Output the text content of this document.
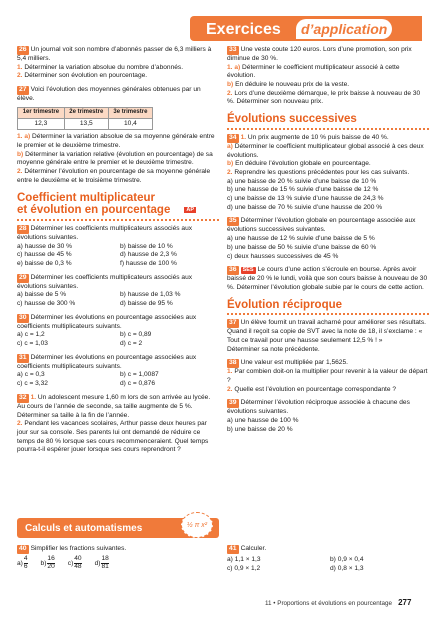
Exercices	d’application
26 Un journal voit son nombre d’abonnés passer de 6,3 milliers à 5,4 milliers.
1. Déterminer la variation absolue du nombre d’abonnés.
2. Déterminer son évolution en pourcentage.
27 Voici l’évolution des moyennes générales obtenues par un élève.
1er trimestre	2e trimestre	3e trimestre
12,3	13,5	10,4
1. a) Déterminer la variation absolue de sa moyenne générale entre le premier et le deuxième trimestre.
b) Déterminer la variation relative (évolution en pourcentage) de sa moyenne générale entre le premier et le deuxième trimestre.
2. Déterminer l’évolution en pourcentage de sa moyenne générale entre le deuxième et le troisième trimestre.
Coefficient multiplicateur
et évolution en pourcentage	AP
28 Déterminer les coefficients multiplicateurs associés aux évolutions suivantes.
a) hausse de 30 %	b) baisse de 10 %
c) hausse de 45 %	d) hausse de 2,3 %
e) baisse de 0,3 %	f) hausse de 100 %
29 Déterminer les coefficients multiplicateurs associés aux évolutions suivantes.
a) baisse de 5 %	b) hausse de 1,03 %
c) hausse de 300 %	d) baisse de 95 %
30 Déterminer les évolutions en pourcentage associées aux coefficients multiplicateurs suivants.
a) c = 1,2	b) c = 0,89
c) c = 1,03	d) c = 2
31 Déterminer les évolutions en pourcentage associées aux coefficients multiplicateurs suivants.
a) c = 0,3	b) c = 1,0087
c) c = 3,32	d) c = 0,876
32 1. Un adolescent mesure 1,60 m lors de son arrivée au lycée. Au cours de l’année de seconde, sa taille augmente de 5 %. Déterminer sa taille à la fin de l’année.
2. Pendant les vacances scolaires, Arthur passe deux heures par jour sur sa console. Ses parents lui ont demandé de réduire ce temps de 80 % lorsque ses cours recommenceraient. Quel temps pourra-t-il espérer jouer lorsque ses cours reprendront ?
33 Une veste coute 120 euros. Lors d’une promotion, son prix diminue de 30 %.
1. a) Déterminer le coefficient multiplicateur associé à cette évolution.
b) En déduire le nouveau prix de la veste.
2. Lors d’une deuxième démarque, le prix baisse à nouveau de 30 %. Déterminer son nouveau prix.
Évolutions successives
34 1. Un prix augmente de 10 % puis baisse de 40 %.
a) Déterminer le coefficient multiplicateur global associé à ces deux évolutions.
b) En déduire l’évolution globale en pourcentage.
2. Reprendre les questions précédentes pour les cas suivants.
a) une baisse de 20 % suivie d’une baisse de 10 %
b) une hausse de 15 % suivie d’une baisse de 12 %
c) une baisse de 13 % suivie d’une hausse de 24,3 %
d) une baisse de 70 % suivie d’une hausse de 200 %
35 Déterminer l’évolution globale en pourcentage associée aux évolutions successives suivantes.
a) une hausse de 12 % suivie d’une baisse de 5 %
b) une baisse de 50 % suivie d’une baisse de 60 %
c) deux hausses successives de 45 %
36 SES Le cours d’une action s’écroule en bourse. Après avoir baissé de 20 % le lundi, voilà que son cours baisse à nouveau de 30 %. Déterminer l’évolution globale subie par le cours de cette action.
Évolution réciproque
37 Un élève fournit un travail acharné pour améliorer ses résultats. Quand il reçoit sa copie de SVT avec la note de 18, il s’exclame : « Tout ce travail pour une hausse seulement 12,5 % ! »
Déterminer sa note précédente.
38 Une valeur est multipliée par 1,5625.
1. Par combien doit-on la multiplier pour revenir à la valeur de départ ?
2. Quelle est l’évolution en pourcentage correspondante ?
39 Déterminer l’évolution réciproque associée à chacune des évolutions suivantes.
a) une hausse de 100 %
b) une baisse de 20 %
Calculs et automatismes	½ π x²
40 Simplifier les fractions suivantes.
$a) \frac{4}{6} b) \frac{16}{20} c) \frac{40}{48} d) \frac{18}{81}$
41 Calculer.
a) 1,1 × 1,3	b) 0,9 × 0,4
c) 0,9 × 1,2	d) 0,8 × 1,3
11 • Proportions et évolutions en pourcentage 277
